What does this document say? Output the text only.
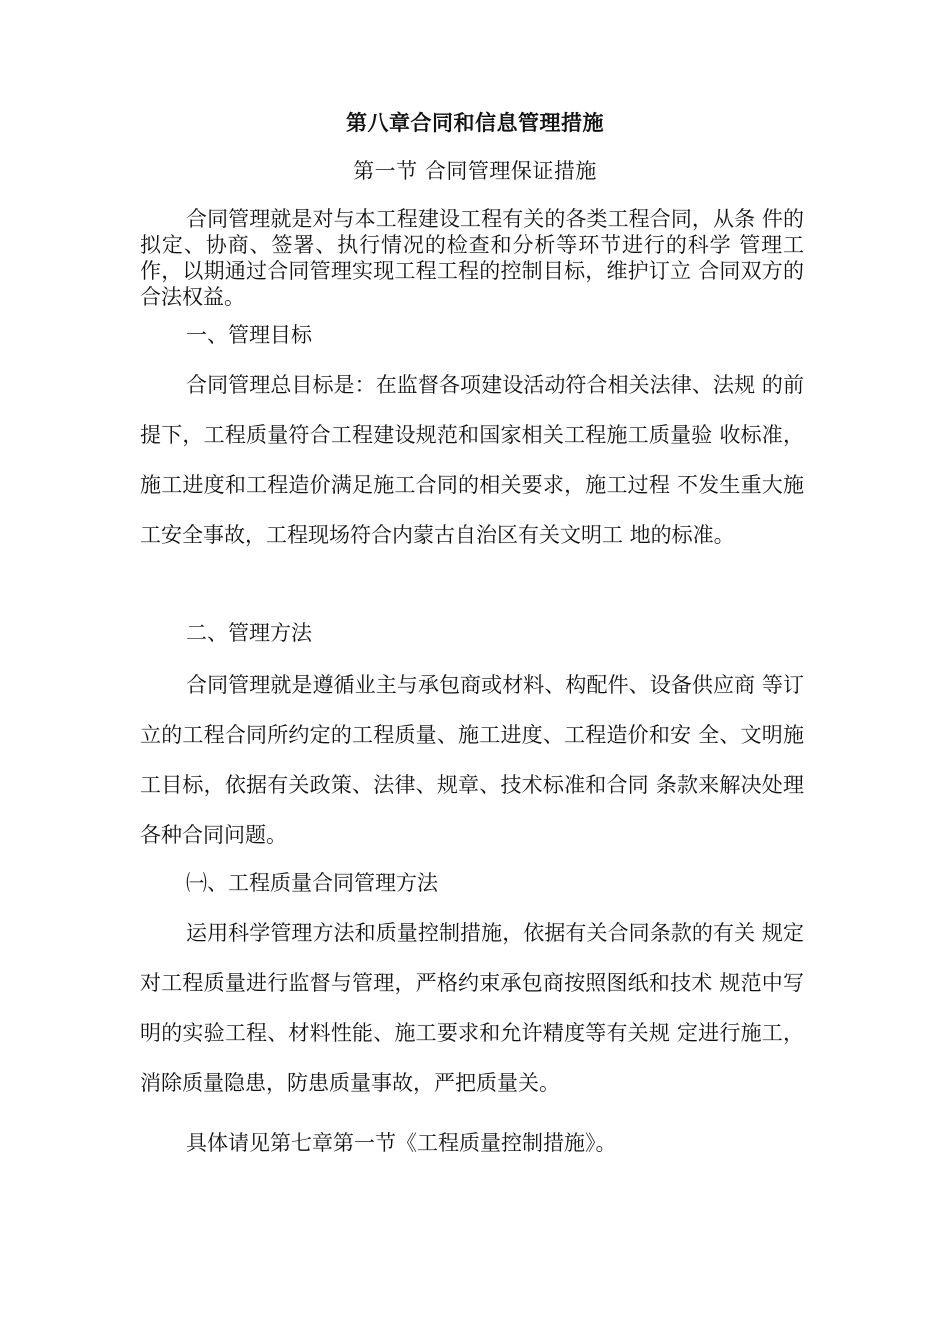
第八章合同和信息管理措施
第一节 合同管理保证措施

合同管理就是对与本工程建设工程有关的各类工程合同，从条 件的拟定、协商、签署、执行情况的检查和分析等环节进行的科学 管理工作，以期通过合同管理实现工程工程的控制目标，维护订立 合同双方的合法权益。

一、管理目标

合同管理总目标是：在监督各项建设活动符合相关法律、法规 的前提下，工程质量符合工程建设规范和国家相关工程施工质量验 收标准，施工进度和工程造价满足施工合同的相关要求，施工过程 不发生重大施工安全事故，工程现场符合内蒙古自治区有关文明工 地的标准。

二、管理方法

合同管理就是遵循业主与承包商或材料、构配件、设备供应商 等订立的工程合同所约定的工程质量、施工进度、工程造价和安 全、文明施工目标，依据有关政策、法律、规章、技术标准和合同 条款来解决处理各种合同问题。

㈠、工程质量合同管理方法

运用科学管理方法和质量控制措施，依据有关合同条款的有关 规定对工程质量进行监督与管理，严格约束承包商按照图纸和技术 规范中写明的实验工程、材料性能、施工要求和允许精度等有关规 定进行施工，消除质量隐患，防患质量事故，严把质量关。

具体请见第七章第一节《工程质量控制措施》。
